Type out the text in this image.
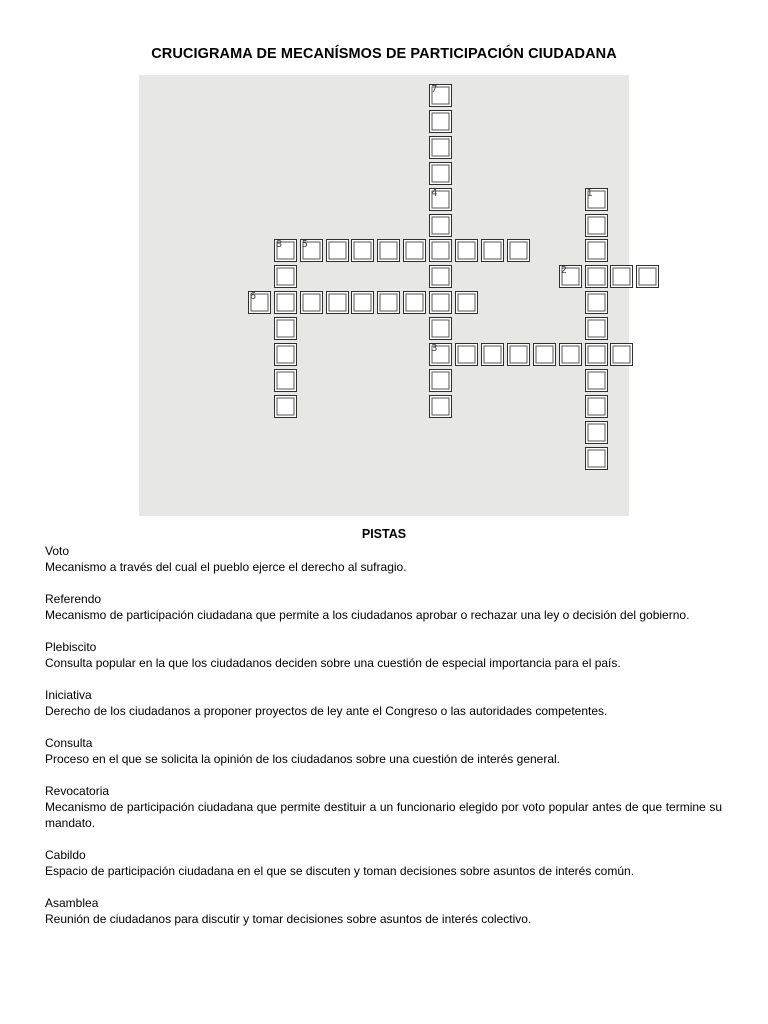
CRUCIGRAMA DE MECANÍSMOS DE PARTICIPACIÓN CIUDADANA
7
4
8
1
3
5
2
6
PISTAS
Voto
Mecanismo a través del cual el pueblo ejerce el derecho al sufragio.
Referendo
Mecanismo de participación ciudadana que permite a los ciudadanos aprobar o rechazar una ley o decisión del gobierno.
Plebiscito
Consulta popular en la que los ciudadanos deciden sobre una cuestión de especial importancia para el país.
Iniciativa
Derecho de los ciudadanos a proponer proyectos de ley ante el Congreso o las autoridades competentes.
Consulta
Proceso en el que se solicita la opinión de los ciudadanos sobre una cuestión de interés general.
Revocatoria
Mecanismo de participación ciudadana que permite destituir a un funcionario elegido por voto popular antes de que termine su mandato.
Cabildo
Espacio de participación ciudadana en el que se discuten y toman decisiones sobre asuntos de interés común.
Asamblea
Reunión de ciudadanos para discutir y tomar decisiones sobre asuntos de interés colectivo.
